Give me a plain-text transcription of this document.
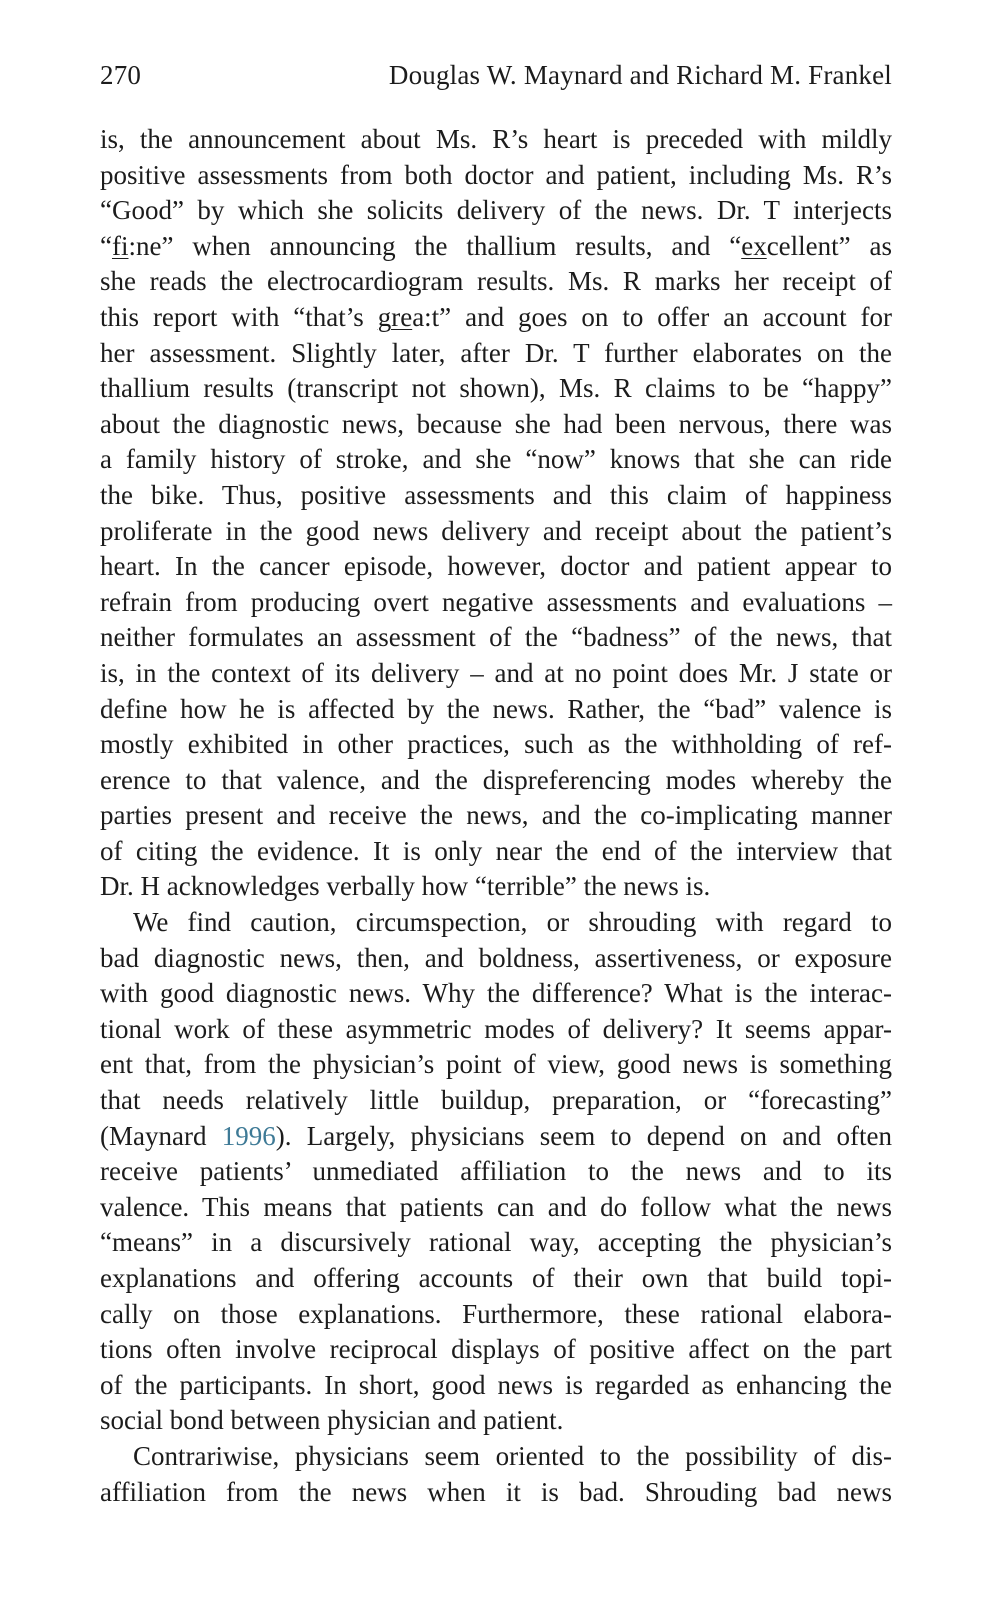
270	Douglas W. Maynard and Richard M. Frankel

is, the announcement about Ms. R’s heart is preceded with mildly

positive assessments from both doctor and patient, including Ms. R’s

“Good” by which she solicits delivery of the news. Dr. T interjects

“fi:ne” when announcing the thallium results, and “excellent” as

she reads the electrocardiogram results. Ms. R marks her receipt of

this report with “that’s grea:t” and goes on to offer an account for

her assessment. Slightly later, after Dr. T further elaborates on the

thallium results (transcript not shown), Ms. R claims to be “happy”

about the diagnostic news, because she had been nervous, there was

a family history of stroke, and she “now” knows that she can ride

the bike. Thus, positive assessments and this claim of happiness

proliferate in the good news delivery and receipt about the patient’s

heart. In the cancer episode, however, doctor and patient appear to

refrain from producing overt negative assessments and evaluations –

neither formulates an assessment of the “badness” of the news, that

is, in the context of its delivery – and at no point does Mr. J state or

define how he is affected by the news. Rather, the “bad” valence is

mostly exhibited in other practices, such as the withholding of ref-

erence to that valence, and the dispreferencing modes whereby the

parties present and receive the news, and the co-implicating manner

of citing the evidence. It is only near the end of the interview that

Dr. H acknowledges verbally how “terrible” the news is.

We find caution, circumspection, or shrouding with regard to

bad diagnostic news, then, and boldness, assertiveness, or exposure

with good diagnostic news. Why the difference? What is the interac-

tional work of these asymmetric modes of delivery? It seems appar-

ent that, from the physician’s point of view, good news is something

that needs relatively little buildup, preparation, or “forecasting”

(Maynard 1996). Largely, physicians seem to depend on and often

receive patients’ unmediated affiliation to the news and to its

valence. This means that patients can and do follow what the news

“means” in a discursively rational way, accepting the physician’s

explanations and offering accounts of their own that build topi-

cally on those explanations. Furthermore, these rational elabora-

tions often involve reciprocal displays of positive affect on the part

of the participants. In short, good news is regarded as enhancing the

social bond between physician and patient.

Contrariwise, physicians seem oriented to the possibility of dis-

affiliation from the news when it is bad. Shrouding bad news
